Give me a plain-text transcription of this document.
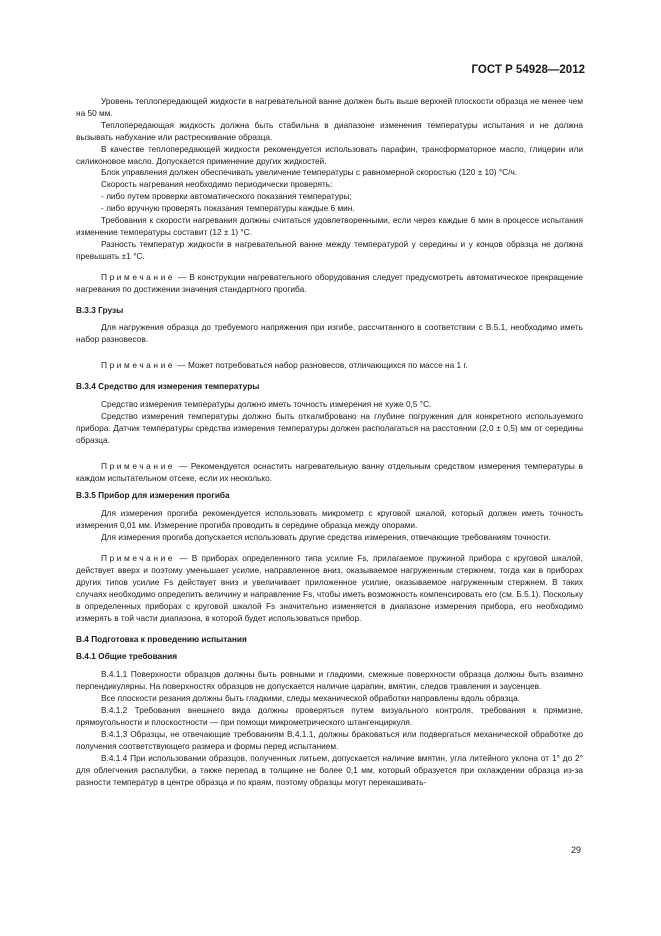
ГОСТ Р 54928—2012

Уровень теплопередающей жидкости в нагревательной ванне должен быть выше верхней плоскости образца не менее чем на 50 мм.

Теплопередающая жидкость должна быть стабильна в диапазоне изменения температуры испытания и не должна вызывать набухание или растрескивание образца.

В качестве теплопередающей жидкости рекомендуется использовать парафин, трансформаторное масло, глицерин или силиконовое масло. Допускается применение других жидкостей.

Блок управления должен обеспечивать увеличение температуры с равномерной скоростью (120 ± 10) °С/ч.

Скорость нагревания необходимо периодически проверять:

- либо путем проверки автоматического показания температуры;

- либо вручную проверять показания температуры каждые 6 мин.

Требования к скорости нагревания должны считаться удовлетворенными, если через каждые 6 мин в процессе испытания изменение температуры составит (12 ± 1) °С.

Разность температур жидкости в нагревательной ванне между температурой у середины и у концов образца не должна превышать ±1 °С.

Примечание — В конструкции нагревательного оборудования следует предусмотреть автоматическое прекращение нагревания по достижении значения стандартного прогиба.

В.3.3 Грузы

Для нагружения образца до требуемого напряжения при изгибе, рассчитанного в соответствии с В.5.1, необходимо иметь набор разновесов.

Примечание — Может потребоваться набор разновесов, отличающихся по массе на 1 г.

В.3.4 Средство для измерения температуры

Средство измерения температуры должно иметь точность измерения не хуже 0,5 °С.

Средство измерения температуры должно быть откалибровано на глубине погружения для конкретного используемого прибора. Датчик температуры средства измерения температуры должен располагаться на расстоянии (2,0 ± 0,5) мм от середины образца.

Примечание — Рекомендуется оснастить нагревательную ванну отдельным средством измерения температуры в каждом испытательном отсеке, если их несколько.

В.3.5 Прибор для измерения прогиба

Для измерения прогиба рекомендуется использовать микрометр с круговой шкалой, который должен иметь точность измерения 0,01 мм. Измерение прогиба проводить в середине образца между опорами.

Для измерения прогиба допускается использовать другие средства измерения, отвечающие требованиям точности.

Примечание — В приборах определенного типа усилие Fs, прилагаемое пружиной прибора с круговой шкалой, действует вверх и поэтому уменьшает усилие, направленное вниз, оказываемое нагруженным стержнем, тогда как в приборах других типов усилие Fs действует вниз и увеличивает приложенное усилие, оказываемое нагруженным стержнем. В таких случаях необходимо определить величину и направление Fs, чтобы иметь возможность компенсировать его (см. Б.5.1). Поскольку в определенных приборах с круговой шкалой Fs значительно изменяется в диапазоне измерения прибора, его необходимо измерять в той части диапазона, в которой будет использоваться прибор.

В.4 Подготовка к проведению испытания

В.4.1 Общие требования

В.4.1.1 Поверхности образцов должны быть ровными и гладкими, смежные поверхности образца должны быть взаимно перпендикулярны. На поверхностях образцов не допускается наличие царапин, вмятин, следов травления и заусенцев.

Все плоскости резания должны быть гладкими, следы механической обработки направлены вдоль образца.

В.4.1.2 Требования внешнего вида должны проверяться путем визуального контроля, требования к прямизне, прямоугольности и плоскостности — при помощи микрометрического штангенциркуля.

В.4.1.3 Образцы, не отвечающие требованиям В.4.1.1, должны браковаться или подвергаться механической обработке до получения соответствующего размера и формы перед испытанием.

В.4.1.4 При использовании образцов, полученных литьем, допускается наличие вмятин, угла литейного уклона от 1° до 2° для облегчения распалубки, а также перепад в толщине не более 0,1 мм, который образуется при охлаждении образца из-за разности температур в центре образца и по краям, поэтому образцы могут перекашивать-

29
